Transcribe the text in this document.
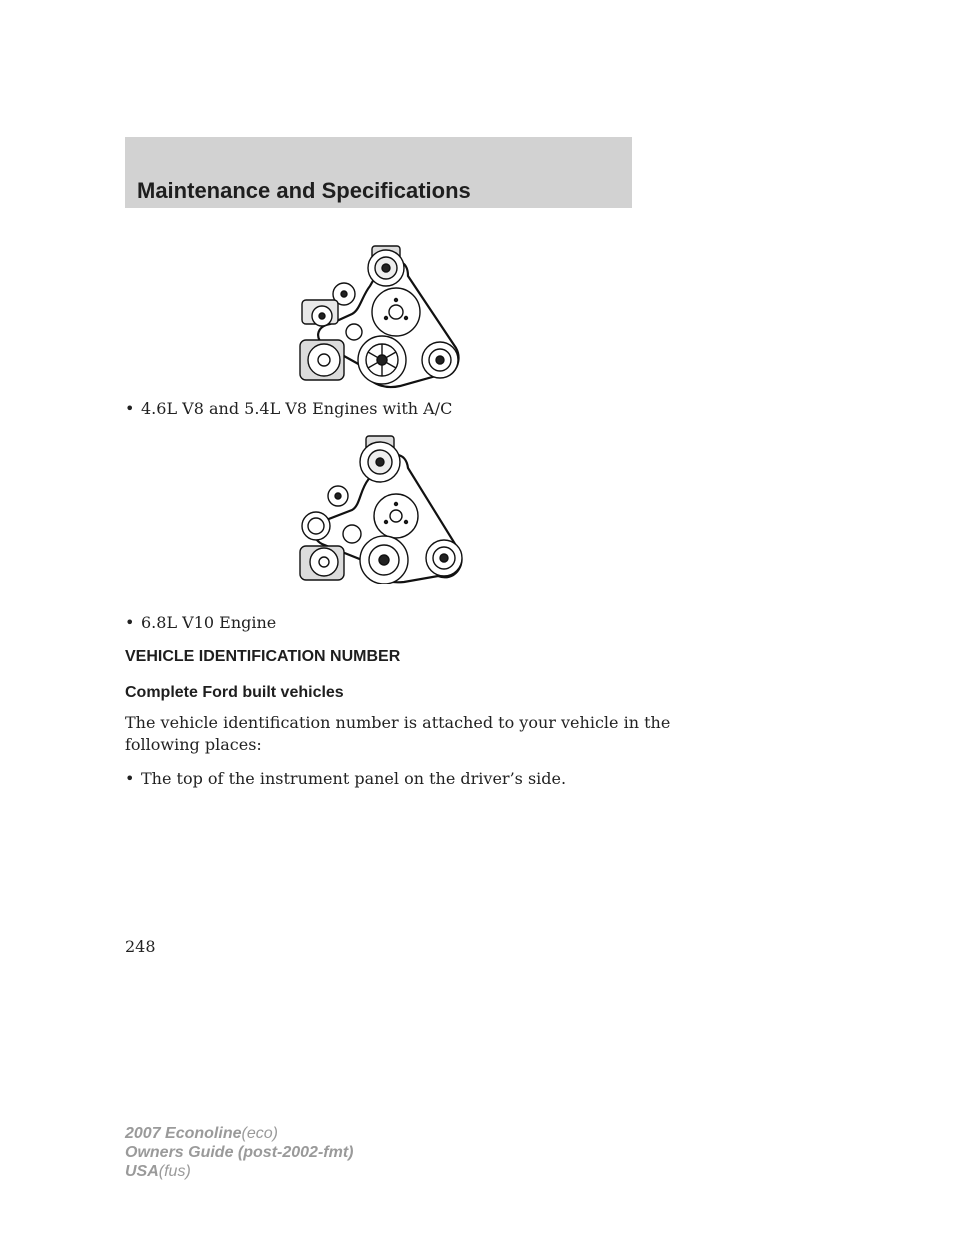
Maintenance and Specifications
• 4.6L V8 and 5.4L V8 Engines with A/C
• 6.8L V10 Engine
VEHICLE IDENTIFICATION NUMBER
Complete Ford built vehicles
The vehicle identification number is attached to your vehicle in the
following places:
• The top of the instrument panel on the driver’s side.
248
2007 Econoline(eco)
Owners Guide (post-2002-fmt)
USA(fus)
